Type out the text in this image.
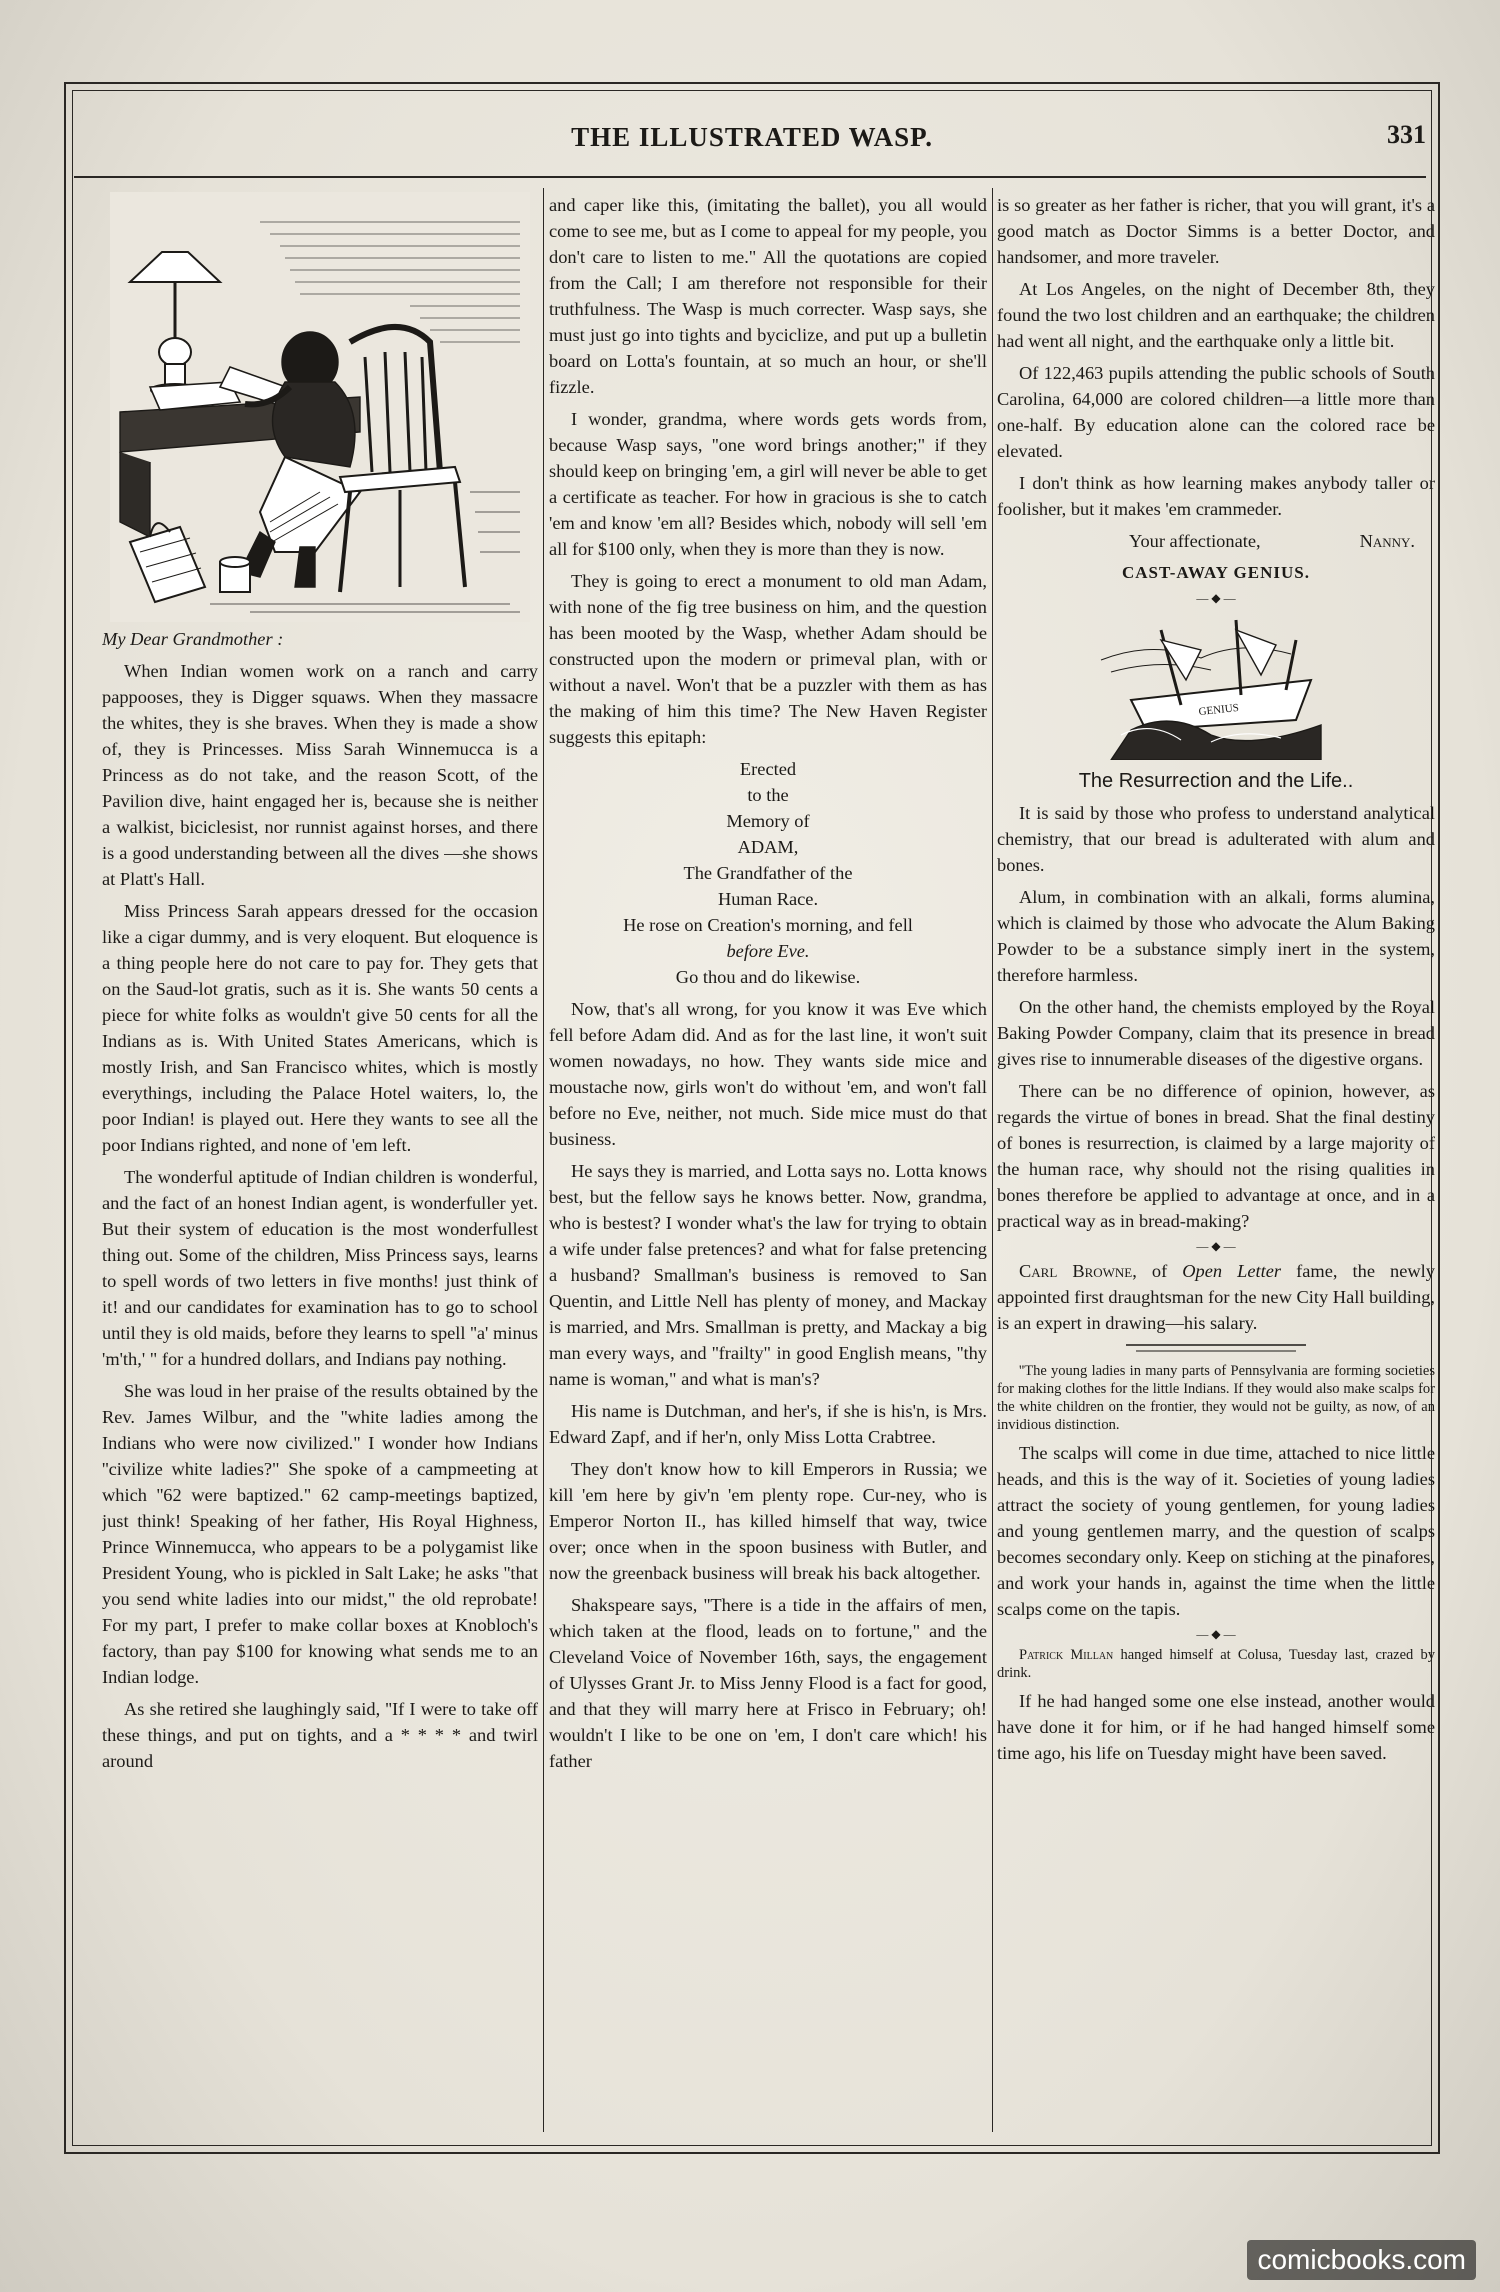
THE ILLUSTRATED WASP.	331

My Dear Grandmother :

When Indian women work on a ranch and carry pappooses, they is Digger squaws. When they massacre the whites, they is she braves. When they is made a show of, they is Princesses. Miss Sarah Winnemucca is a Princess as do not take, and the reason Scott, of the Pavilion dive, haint engaged her is, because she is neither a walkist, biciclesist, nor runnist against horses, and there is a good understanding between all the dives —she shows at Platt's Hall.

Miss Princess Sarah appears dressed for the occasion like a cigar dummy, and is very eloquent. But eloquence is a thing people here do not care to pay for. They gets that on the Saud-lot gratis, such as it is. She wants 50 cents a piece for white folks as wouldn't give 50 cents for all the Indians as is. With United States Americans, which is mostly Irish, and San Francisco whites, which is mostly everythings, including the Palace Hotel waiters, lo, the poor Indian! is played out. Here they wants to see all the poor Indians righted, and none of 'em left.

The wonderful aptitude of Indian children is wonderful, and the fact of an honest Indian agent, is wonderfuller yet. But their system of education is the most wonderfullest thing out. Some of the children, Miss Princess says, learns to spell words of two letters in five months! just think of it! and our candidates for examination has to go to school until they is old maids, before they learns to spell ''a' minus 'm'th,' " for a hundred dollars, and Indians pay nothing.

She was loud in her praise of the results obtained by the Rev. James Wilbur, and the ''white ladies among the Indians who were now civilized." I wonder how Indians ''civilize white ladies?" She spoke of a campmeeting at which ''62 were baptized." 62 camp-meetings baptized, just think! Speaking of her father, His Royal Highness, Prince Winnemucca, who appears to be a polygamist like President Young, who is pickled in Salt Lake; he asks ''that you send white ladies into our midst," the old reprobate! For my part, I prefer to make collar boxes at Knobloch's factory, than pay $100 for knowing what sends me to an Indian lodge.

As she retired she laughingly said, ''If I were to take off these things, and put on tights, and a * * * * and twirl around

and caper like this, (imitating the ballet), you all would come to see me, but as I come to appeal for my people, you don't care to listen to me." All the quotations are copied from the Call; I am therefore not responsible for their truthfulness. The Wasp is much correcter. Wasp says, she must just go into tights and byciclize, and put up a bulletin board on Lotta's fountain, at so much an hour, or she'll fizzle.

I wonder, grandma, where words gets words from, because Wasp says, ''one word brings another;" if they should keep on bringing 'em, a girl will never be able to get a certificate as teacher. For how in gracious is she to catch 'em and know 'em all? Besides which, nobody will sell 'em all for $100 only, when they is more than they is now.

They is going to erect a monument to old man Adam, with none of the fig tree business on him, and the question has been mooted by the Wasp, whether Adam should be constructed upon the modern or primeval plan, with or without a navel. Won't that be a puzzler with them as has the making of him this time? The New Haven Register suggests this epitaph:

Erected

to the

Memory of

ADAM,

The Grandfather of the

Human Race.

He rose on Creation's morning, and fell

before Eve.

Go thou and do likewise.

Now, that's all wrong, for you know it was Eve which fell before Adam did. And as for the last line, it won't suit women nowadays, no how. They wants side mice and moustache now, girls won't do without 'em, and won't fall before no Eve, neither, not much. Side mice must do that business.

He says they is married, and Lotta says no. Lotta knows best, but the fellow says he knows better. Now, grandma, who is bestest? I wonder what's the law for trying to obtain a wife under false pretences? and what for false pretencing a husband? Smallman's business is removed to San Quentin, and Little Nell has plenty of money, and Mackay is married, and Mrs. Smallman is pretty, and Mackay a big man every ways, and ''frailty" in good English means, ''thy name is woman," and what is man's?

His name is Dutchman, and her's, if she is his'n, is Mrs. Edward Zapf, and if her'n, only Miss Lotta Crabtree.

They don't know how to kill Emperors in Russia; we kill 'em here by giv'n 'em plenty rope. Cur-ney, who is Emperor Norton II., has killed himself that way, twice over; once when in the spoon business with Butler, and now the greenback business will break his back altogether.

Shakspeare says, ''There is a tide in the affairs of men, which taken at the flood, leads on to fortune," and the Cleveland Voice of November 16th, says, the engagement of Ulysses Grant Jr. to Miss Jenny Flood is a fact for good, and that they will marry here at Frisco in February; oh! wouldn't I like to be one on 'em, I don't care which! his father

is so greater as her father is richer, that you will grant, it's a good match as Doctor Simms is a better Doctor, and handsomer, and more traveler.

At Los Angeles, on the night of December 8th, they found the two lost children and an earthquake; the children had went all night, and the earthquake only a little bit.

Of 122,463 pupils attending the public schools of South Carolina, 64,000 are colored children—a little more than one-half. By education alone can the colored race be elevated.

I don't think as how learning makes anybody taller or foolisher, but it makes 'em crammeder.

Your affectionate,	Nanny.
CAST-AWAY GENIUS.
— ◆ —
GENIUS
The Resurrection and the Life..

It is said by those who profess to understand analytical chemistry, that our bread is adulterated with alum and bones.

Alum, in combination with an alkali, forms alumina, which is claimed by those who advocate the Alum Baking Powder to be a substance simply inert in the system, therefore harmless.

On the other hand, the chemists employed by the Royal Baking Powder Company, claim that its presence in bread gives rise to innumerable diseases of the digestive organs.

There can be no difference of opinion, however, as regards the virtue of bones in bread. Shat the final destiny of bones is resurrection, is claimed by a large majority of the human race, why should not the rising qualities in bones therefore be applied to advantage at once, and in a practical way as in bread-making?

— ◆ —

Carl Browne, of Open Letter fame, the newly appointed first draughtsman for the new City Hall building, is an expert in drawing—his salary.

''The young ladies in many parts of Pennsylvania are forming societies for making clothes for the little Indians. If they would also make scalps for the white children on the frontier, they would not be guilty, as now, of an invidious distinction.

The scalps will come in due time, attached to nice little heads, and this is the way of it. Societies of young ladies attract the society of young gentlemen, for young ladies and young gentlemen marry, and the question of scalps becomes secondary only. Keep on stiching at the pinafores, and work your hands in, against the time when the little scalps come on the tapis.

— ◆ —

Patrick Millan hanged himself at Colusa, Tuesday last, crazed by drink.

If he had hanged some one else instead, another would have done it for him, or if he had hanged himself some time ago, his life on Tuesday might have been saved.

comicbooks.com
